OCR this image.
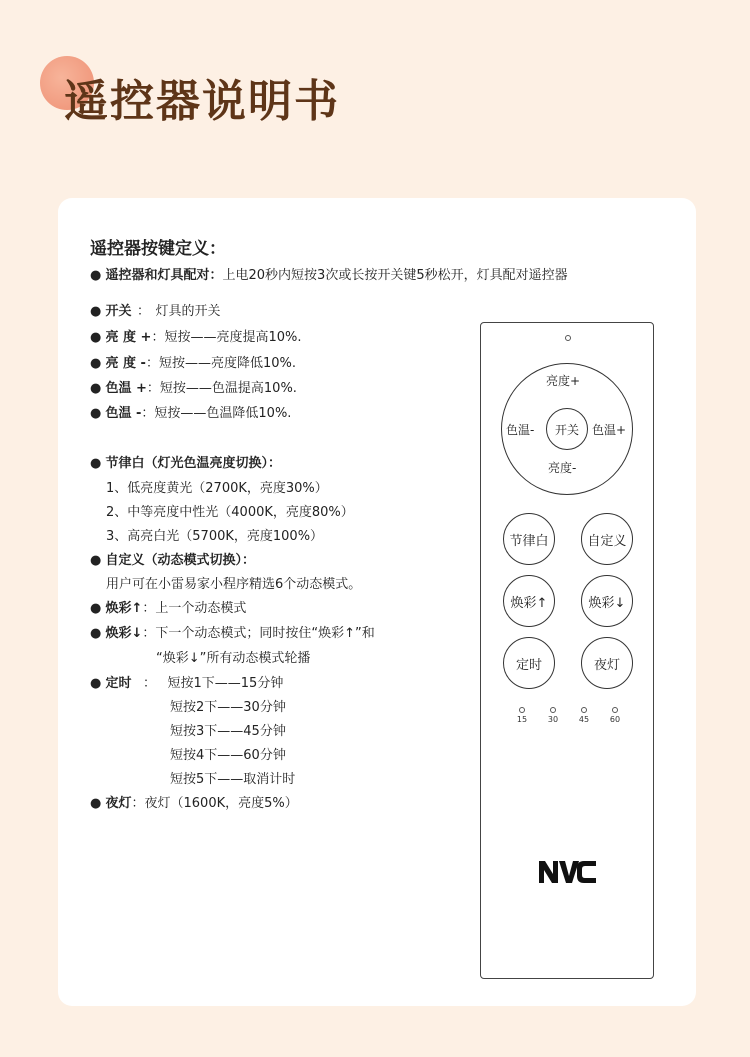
遥控器说明书
遥控器按键定义：
● 遥控器和灯具配对：上电20秒内短按3次或长按开关键5秒松开，灯具配对遥控器
● 开关 ： 灯具的开关
● 亮 度 +：短按——亮度提高10%.
● 亮 度 -：短按——亮度降低10%.
● 色温 +：短按——色温提高10%.
● 色温 -：短按——色温降低10%.
● 节律白（灯光色温亮度切换）：
1、低亮度黄光（2700K，亮度30%）
2、中等亮度中性光（4000K，亮度80%）
3、高亮白光（5700K，亮度100%）
● 自定义（动态模式切换）：
用户可在小雷易家小程序精选6个动态模式。
● 焕彩↑：上一个动态模式
● 焕彩↓：下一个动态模式；同时按住“焕彩↑”和
“焕彩↓”所有动态模式轮播
● 定时 ： 短按1下——15分钟
短按2下——30分钟
短按3下——45分钟
短按4下——60分钟
短按5下——取消计时
● 夜灯：夜灯（1600K，亮度5%）
亮度+
亮度-
色温-	色温+
开关
节律白	自定义
焕彩↑	焕彩↓
定时	夜灯
15	30	45	60
